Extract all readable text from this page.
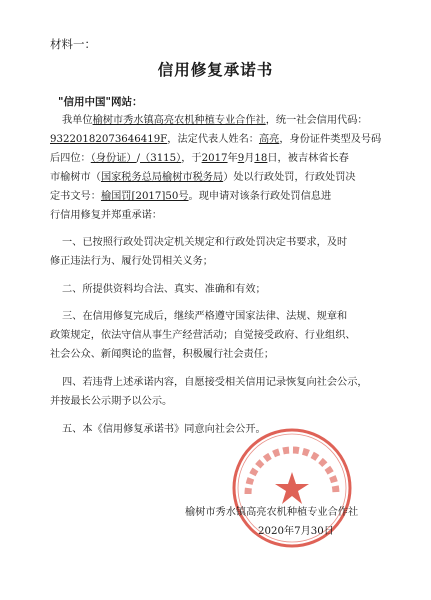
材料一：
信用修复承诺书
"信用中国"网站：
我单位榆树市秀水镇高亮农机种植专业合作社，统一社会信用代码：
93220182073646419F，法定代表人姓名：高亮，身份证件类型及号码
后四位：（身份证）/（3115），于2017年9月18日，被吉林省长春
市榆树市（国家税务总局榆树市税务局）处以行政处罚，行政处罚决
定书文号：榆国罚[2017]50号。现申请对该条行政处罚信息进
行信用修复并郑重承诺：
一、已按照行政处罚决定机关规定和行政处罚决定书要求，及时
修正违法行为、履行处罚相关义务；
二、所提供资料均合法、真实、准确和有效；
三、在信用修复完成后，继续严格遵守国家法律、法规、规章和
政策规定，依法守信从事生产经营活动；自觉接受政府、行业组织、
社会公众、新闻舆论的监督，积极履行社会责任；
四、若违背上述承诺内容，自愿接受相关信用记录恢复向社会公示，
并按最长公示期予以公示。
五、本《信用修复承诺书》同意向社会公开。
榆树市秀水镇高亮农机种植专业合作社
2020年7月30日
